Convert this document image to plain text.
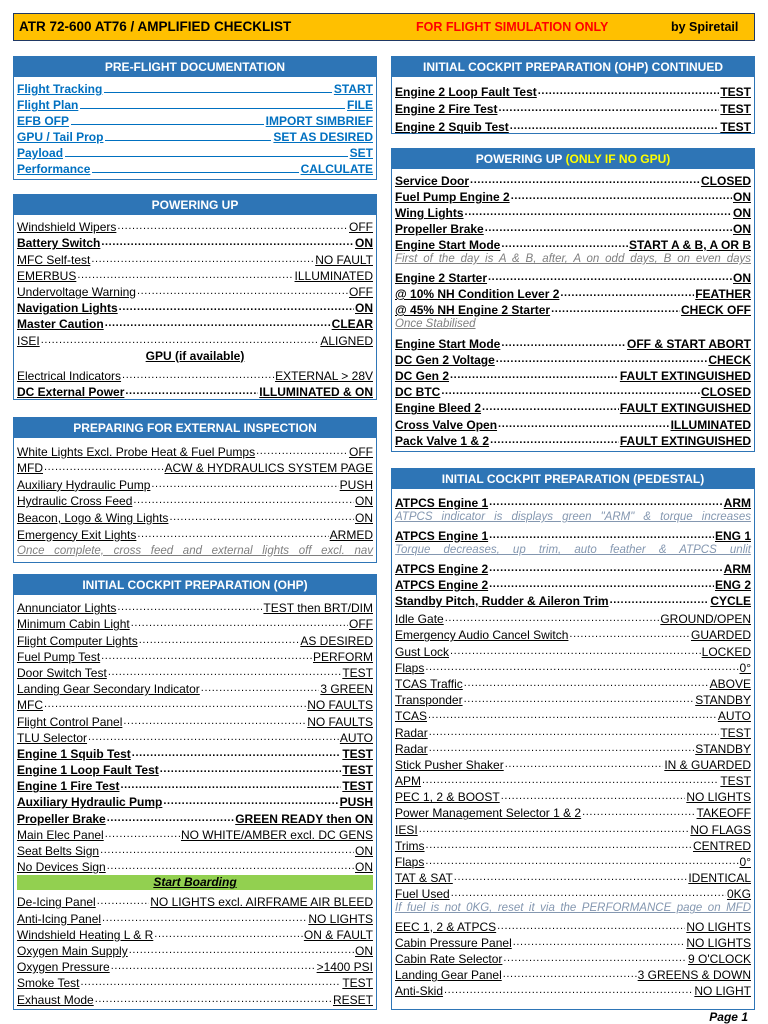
ATR 72-600 AT76 / AMPLIFIED CHECKLIST	FOR FLIGHT SIMULATION ONLY	by Spiretail
PRE-FLIGHT DOCUMENTATION
Flight Tracking	START
Flight Plan	FILE
EFB OFP	IMPORT SIMBRIEF
GPU / Tail Prop	SET AS DESIRED
Payload	SET
Performance	CALCULATE
POWERING UP
Windshield Wipers .....	OFF
Battery Switch .....	ON
MFC Self-test .....	NO FAULT
EMERBUS .....	ILLUMINATED
Undervoltage Warning .....	OFF
Navigation Lights .....	ON
Master Caution .....	CLEAR
ISEI .....	ALIGNED
GPU (if available)
Electrical Indicators .....	EXTERNAL > 28V
DC External Power .....	ILLUMINATED & ON
PREPARING FOR EXTERNAL INSPECTION
White Lights Excl. Probe Heat & Fuel Pumps .....	OFF
MFD .....	ACW & HYDRAULICS SYSTEM PAGE
Auxiliary Hydraulic Pump .....	PUSH
Hydraulic Cross Feed .....	ON
Beacon, Logo & Wing Lights .....	ON
Emergency Exit Lights .....	ARMED
Once complete, cross feed and external lights off excl. nav
INITIAL COCKPIT PREPARATION (OHP)
Annunciator Lights .....	TEST then BRT/DIM
Minimum Cabin Light .....	OFF
Flight Computer Lights .....	AS DESIRED
Fuel Pump Test .....	PERFORM
Door Switch Test .....	TEST
Landing Gear Secondary Indicator .....	3 GREEN
MFC .....	NO FAULTS
Flight Control Panel .....	NO FAULTS
TLU Selector .....	AUTO
Engine 1 Squib Test .....	TEST
Engine 1 Loop Fault Test .....	TEST
Engine 1 Fire Test .....	TEST
Auxiliary Hydraulic Pump .....	PUSH
Propeller Brake .....	GREEN READY then ON
Main Elec Panel .....	NO WHITE/AMBER excl. DC GENS
Seat Belts Sign .....	ON
No Devices Sign .....	ON
Start Boarding
De-Icing Panel .....	NO LIGHTS excl. AIRFRAME AIR BLEED
Anti-Icing Panel .....	NO LIGHTS
Windshield Heating L & R .....	ON & FAULT
Oxygen Main Supply .....	ON
Oxygen Pressure .....	>1400 PSI
Smoke Test .....	TEST
Exhaust Mode .....	RESET
INITIAL COCKPIT PREPARATION (OHP) CONTINUED
Engine 2 Loop Fault Test .....	TEST
Engine 2 Fire Test .....	TEST
Engine 2 Squib Test .....	TEST
POWERING UP (ONLY IF NO GPU)
Service Door .....	CLOSED
Fuel Pump Engine 2 .....	ON
Wing Lights .....	ON
Propeller Brake .....	ON
Engine Start Mode .....	START A & B, A OR B
First of the day is A & B, after, A on odd days, B on even days
Engine 2 Starter .....	ON
@ 10% NH Condition Lever 2 .....	FEATHER
@ 45% NH Engine 2 Starter .....	CHECK OFF
Once Stabilised
Engine Start Mode .....	OFF & START ABORT
DC Gen 2 Voltage .....	CHECK
DC Gen 2 .....	FAULT EXTINGUISHED
DC BTC .....	CLOSED
Engine Bleed 2 .....	FAULT EXTINGUISHED
Cross Valve Open .....	ILLUMINATED
Pack Valve 1 & 2 .....	FAULT EXTINGUISHED
INITIAL COCKPIT PREPARATION (PEDESTAL)
ATPCS Engine 1 .....	ARM
ATPCS indicator is displays green "ARM" & torque increases
ATPCS Engine 1 .....	ENG 1
Torque decreases, up trim, auto feather & ATPCS unlit
ATPCS Engine 2 .....	ARM
ATPCS Engine 2 .....	ENG 2
Standby Pitch, Rudder & Aileron Trim .....	CYCLE
Idle Gate .....	GROUND/OPEN
Emergency Audio Cancel Switch .....	GUARDED
Gust Lock .....	LOCKED
Flaps .....	0°
TCAS Traffic .....	ABOVE
Transponder .....	STANDBY
TCAS .....	AUTO
Radar .....	TEST
Radar .....	STANDBY
Stick Pusher Shaker .....	IN & GUARDED
APM .....	TEST
PEC 1, 2 & BOOST .....	NO LIGHTS
Power Management Selector 1 & 2 .....	TAKEOFF
IESI .....	NO FLAGS
Trims .....	CENTRED
Flaps .....	0°
TAT & SAT .....	IDENTICAL
Fuel Used .....	0KG
If fuel is not 0KG, reset it via the PERFORMANCE page on MFD
EEC 1, 2 & ATPCS .....	NO LIGHTS
Cabin Pressure Panel .....	NO LIGHTS
Cabin Rate Selector .....	9 O'CLOCK
Landing Gear Panel .....	3 GREENS & DOWN
Anti-Skid .....	NO LIGHT
Page 1
